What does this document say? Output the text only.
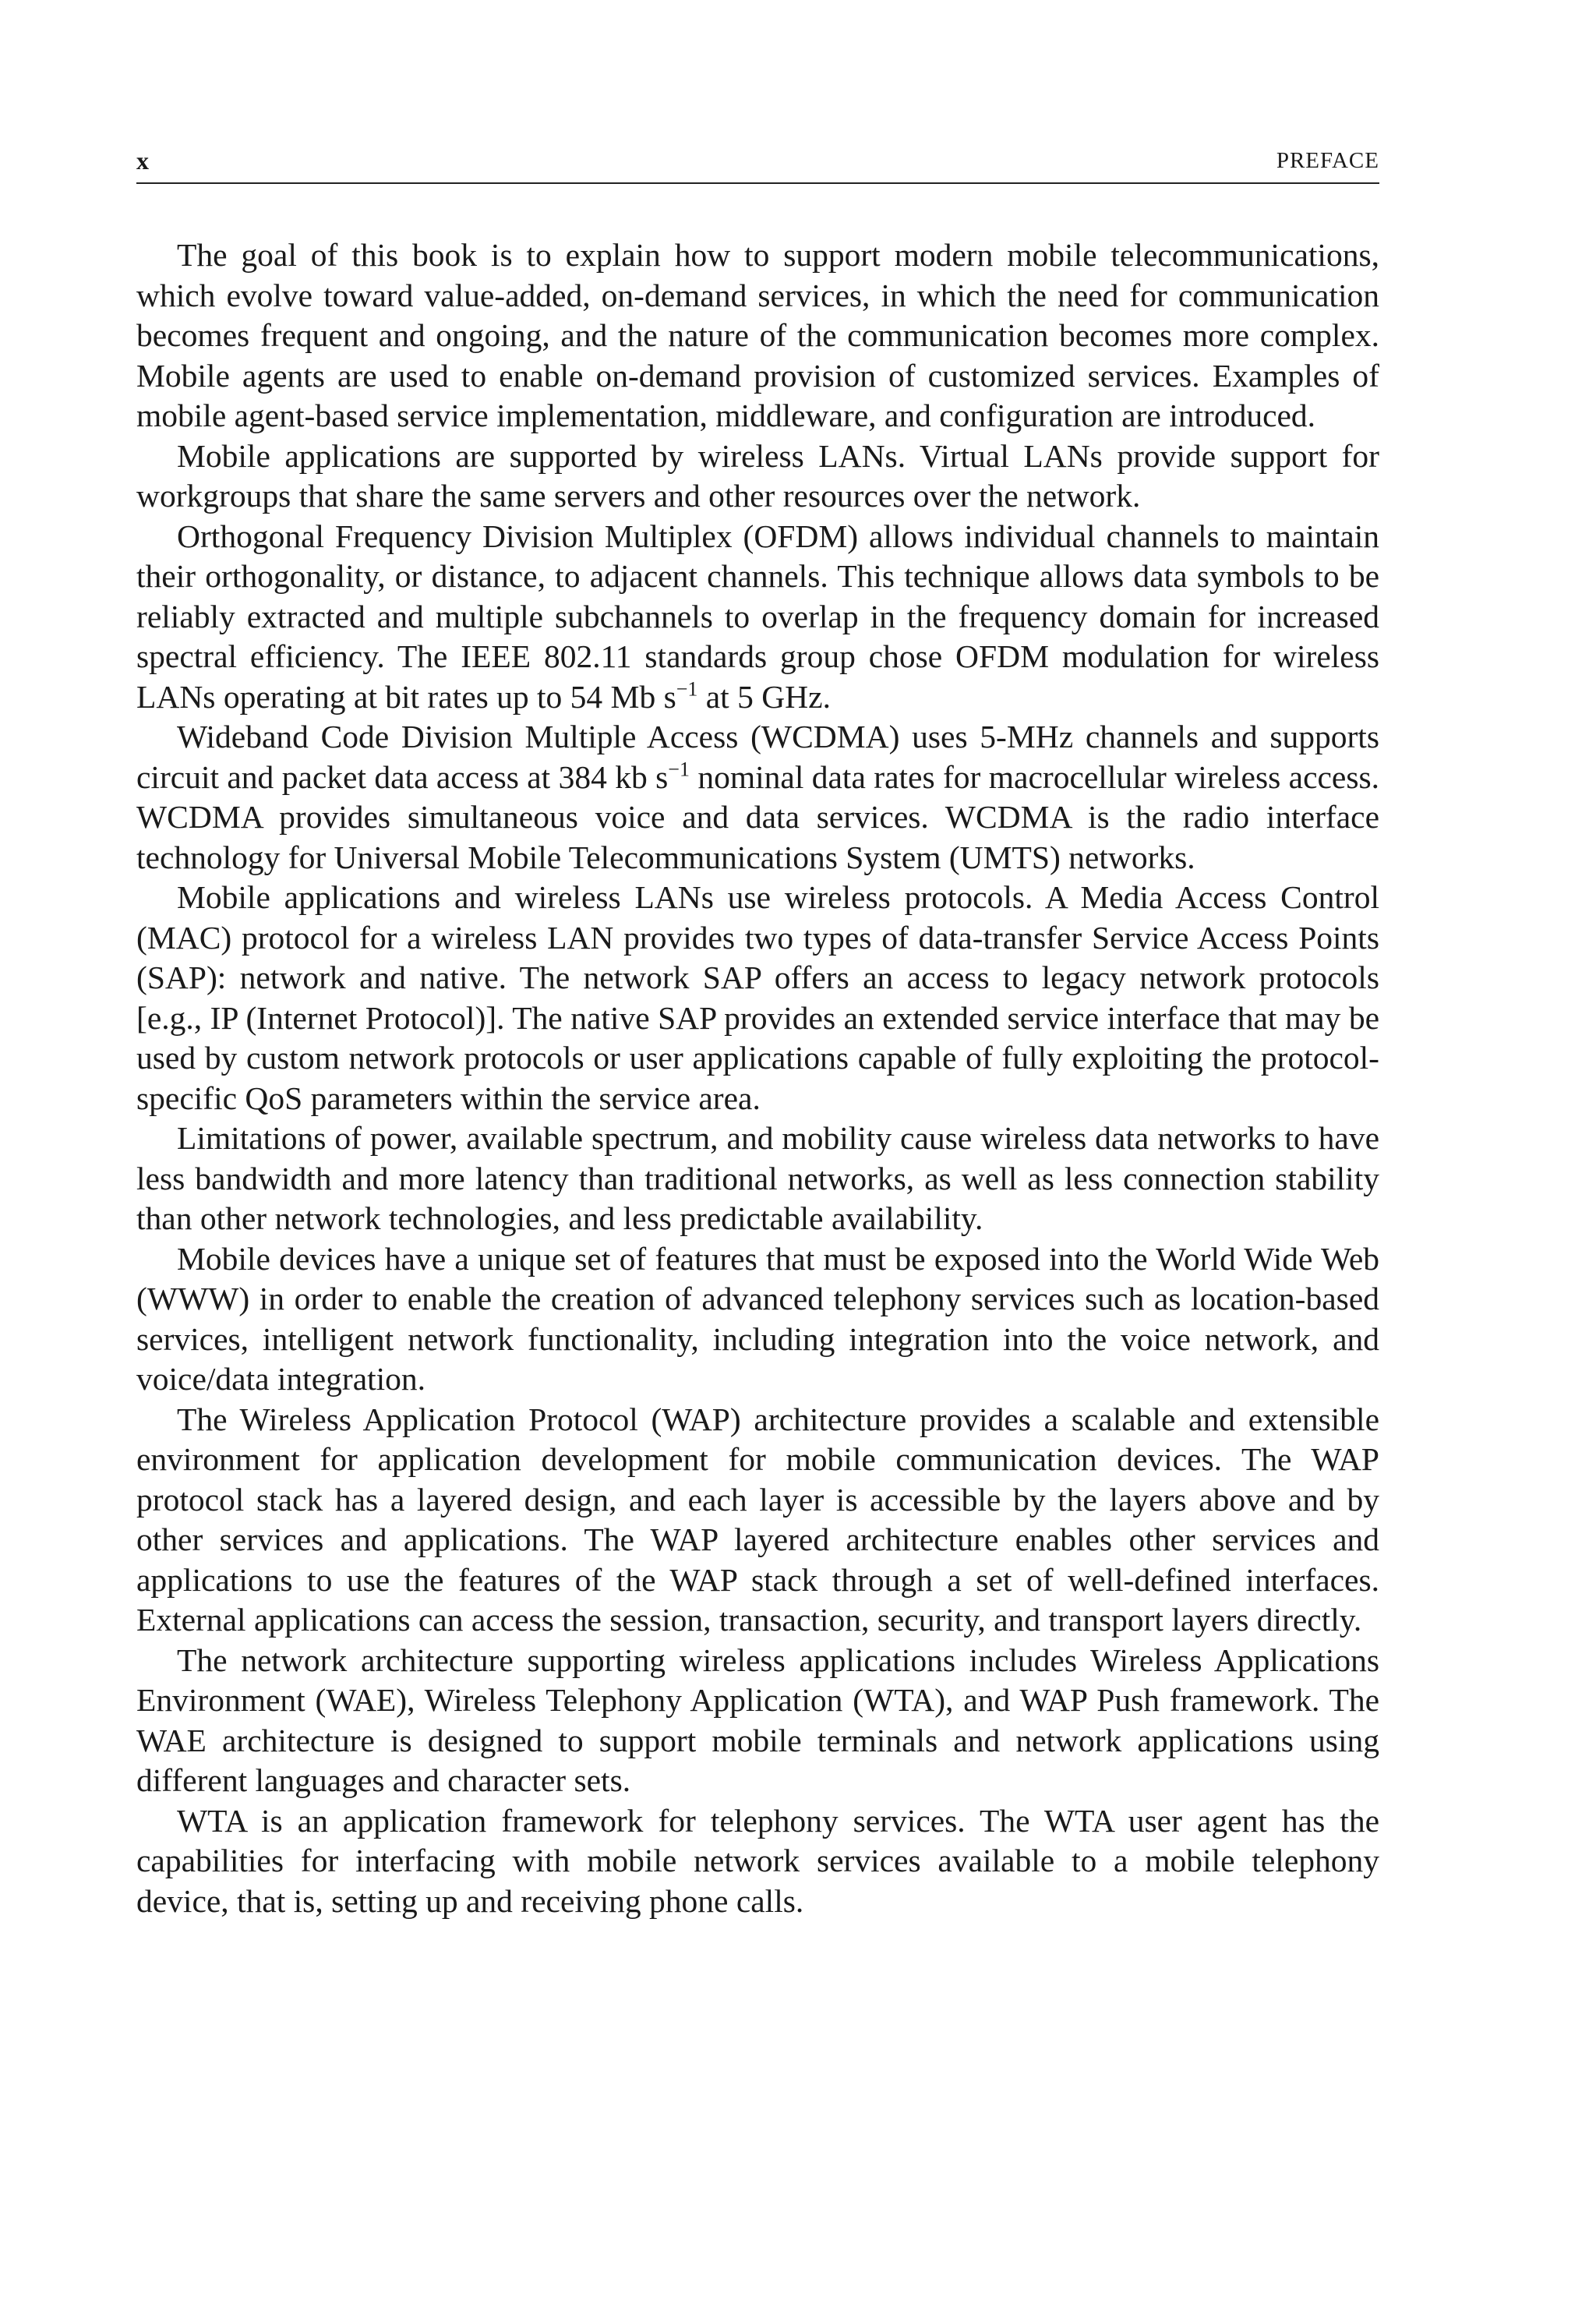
x	PREFACE

The goal of this book is to explain how to support modern mobile telecommunications, which evolve toward value-added, on-demand services, in which the need for communication becomes frequent and ongoing, and the nature of the communication becomes more complex. Mobile agents are used to enable on-demand provision of customized services. Examples of mobile agent-based service implementation, middleware, and configuration are introduced.

Mobile applications are supported by wireless LANs. Virtual LANs provide support for workgroups that share the same servers and other resources over the network.

Orthogonal Frequency Division Multiplex (OFDM) allows individual channels to maintain their orthogonality, or distance, to adjacent channels. This technique allows data symbols to be reliably extracted and multiple subchannels to overlap in the frequency domain for increased spectral efficiency. The IEEE 802.11 standards group chose OFDM modulation for wireless LANs operating at bit rates up to 54 Mb $s^{-1}$ at 5 GHz.

Wideband Code Division Multiple Access (WCDMA) uses 5-MHz channels and supports circuit and packet data access at 384 kb $s^{-1}$ nominal data rates for macrocellular wireless access. WCDMA provides simultaneous voice and data services. WCDMA is the radio interface technology for Universal Mobile Telecommunications System (UMTS) networks.

Mobile applications and wireless LANs use wireless protocols. A Media Access Control (MAC) protocol for a wireless LAN provides two types of data-transfer Service Access Points (SAP): network and native. The network SAP offers an access to legacy network protocols [e.g., IP (Internet Protocol)]. The native SAP provides an extended service interface that may be used by custom network protocols or user applications capable of fully exploiting the protocol-specific QoS parameters within the service area.

Limitations of power, available spectrum, and mobility cause wireless data networks to have less bandwidth and more latency than traditional networks, as well as less connection stability than other network technologies, and less predictable availability.

Mobile devices have a unique set of features that must be exposed into the World Wide Web (WWW) in order to enable the creation of advanced telephony services such as location-based services, intelligent network functionality, including integration into the voice network, and voice/data integration.

The Wireless Application Protocol (WAP) architecture provides a scalable and extensible environment for application development for mobile communication devices. The WAP protocol stack has a layered design, and each layer is accessible by the layers above and by other services and applications. The WAP layered architecture enables other services and applications to use the features of the WAP stack through a set of well-defined interfaces. External applications can access the session, transaction, security, and transport layers directly.

The network architecture supporting wireless applications includes Wireless Applications Environment (WAE), Wireless Telephony Application (WTA), and WAP Push framework. The WAE architecture is designed to support mobile terminals and network applications using different languages and character sets.

WTA is an application framework for telephony services. The WTA user agent has the capabilities for interfacing with mobile network services available to a mobile telephony device, that is, setting up and receiving phone calls.
